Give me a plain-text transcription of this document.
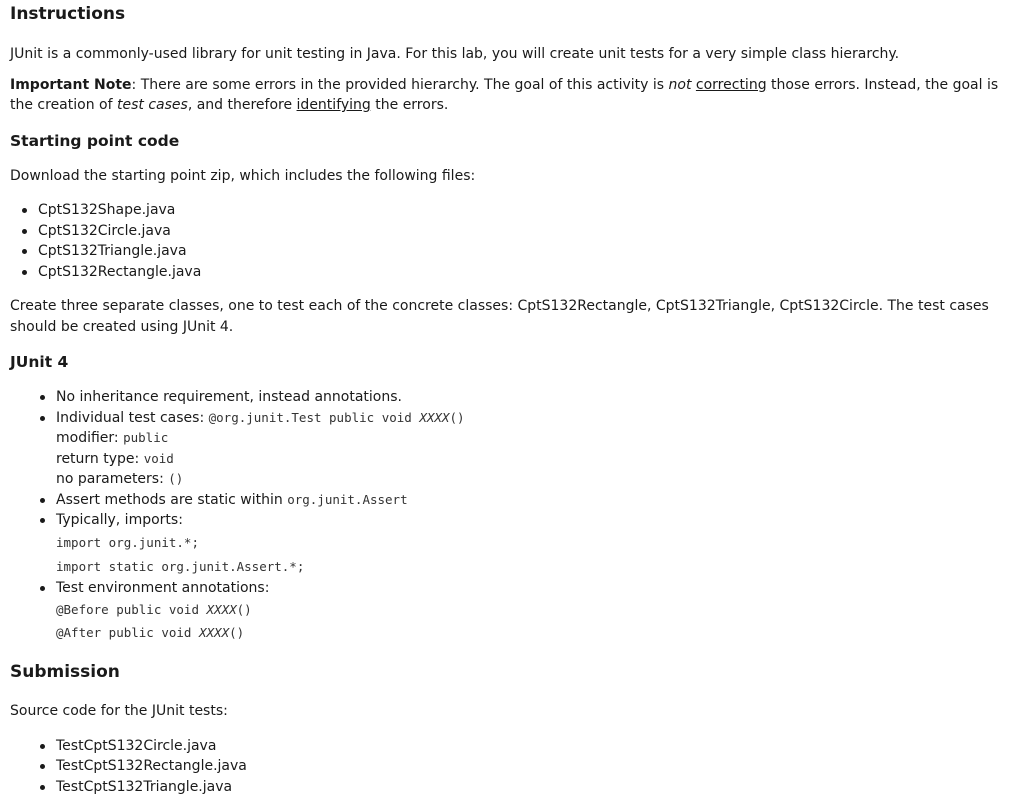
Instructions

JUnit is a commonly-used library for unit testing in Java. For this lab, you will create unit tests for a very simple class hierarchy.

Important Note: There are some errors in the provided hierarchy. The goal of this activity is not correcting those errors. Instead, the goal is the creation of test cases, and therefore identifying the errors.

Starting point code

Download the starting point zip, which includes the following files:

CptS132Shape.java
CptS132Circle.java
CptS132Triangle.java
CptS132Rectangle.java

Create three separate classes, one to test each of the concrete classes: CptS132Rectangle, CptS132Triangle, CptS132Circle. The test cases should be created using JUnit 4.

JUnit 4
No inheritance requirement, instead annotations.
Individual test cases: @org.junit.Test public void XXXX()
modifier: public
return type: void
no parameters: ()
Assert methods are static within org.junit.Assert
Typically, imports:
import org.junit.*;
import static org.junit.Assert.*;
Test environment annotations:
@Before public void XXXX()
@After public void XXXX()
Submission

Source code for the JUnit tests:

TestCptS132Circle.java
TestCptS132Rectangle.java
TestCptS132Triangle.java
